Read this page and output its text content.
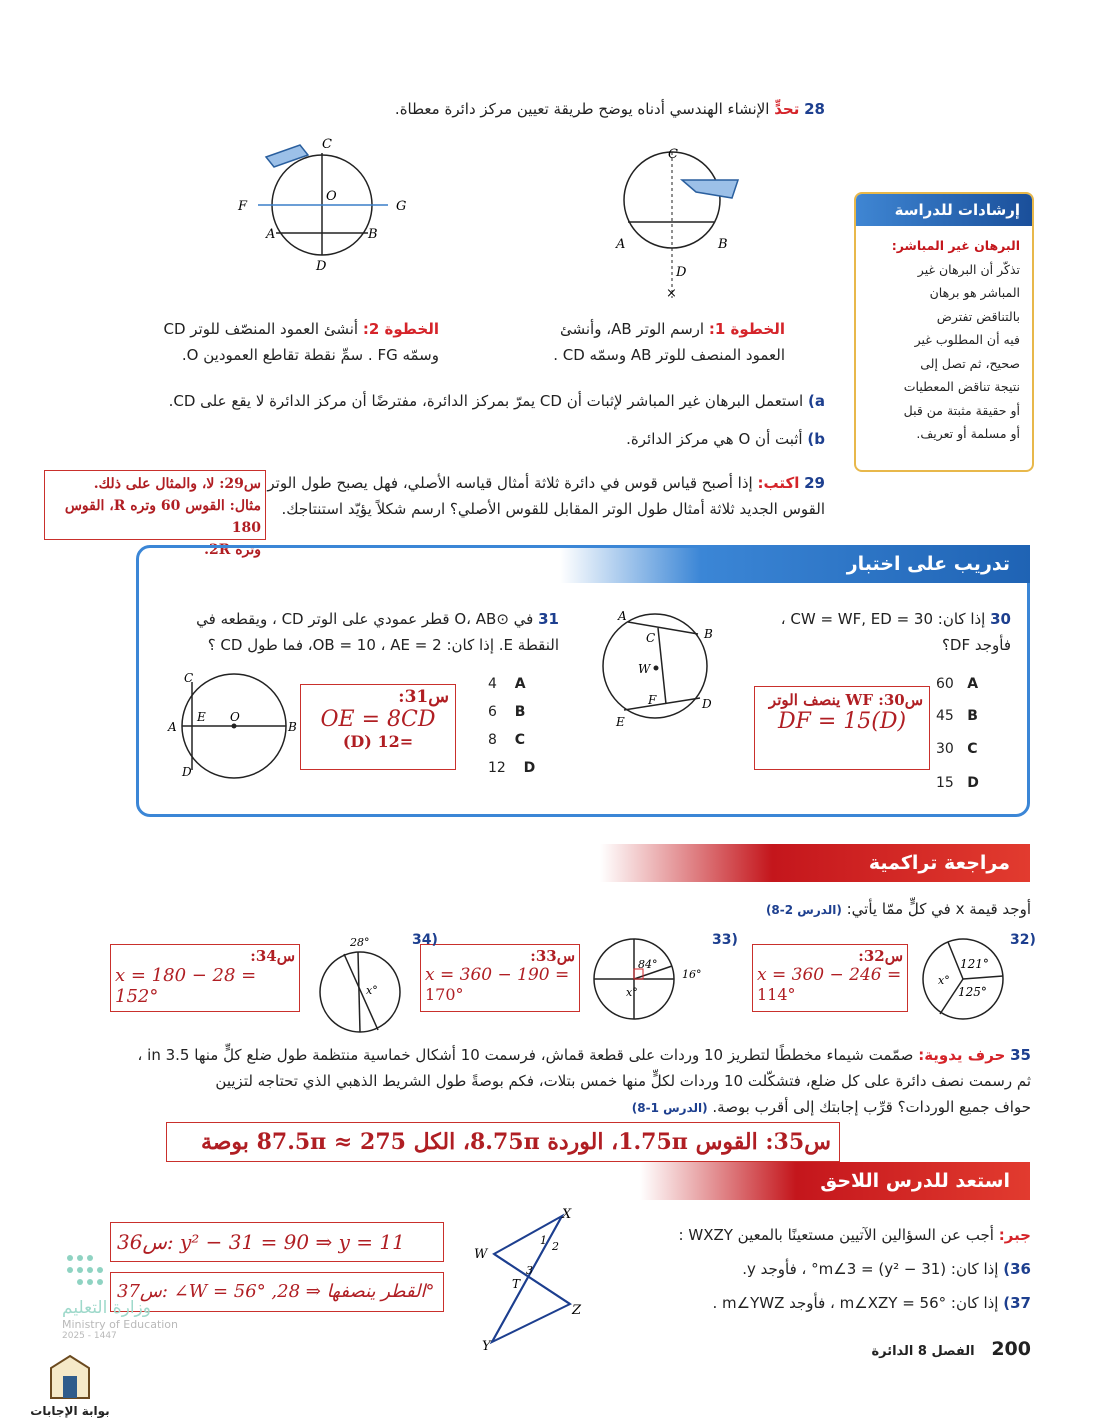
28 تحدٍّ الإنشاء الهندسي أدناه يوضح طريقة تعيين مركز دائرة معطاة.
C
A	B
D
×
C
O
F	G
A	B
D
الخطوة 1: ارسم الوتر AB، وأنشئ
العمود المنصف للوتر AB وسمّه CD .
الخطوة 2: أنشئ العمود المنصّف للوتر CD
وسمّه FG . سمِّ نقطة تقاطع العمودين O.
a) استعمل البرهان غير المباشر لإثبات أن CD يمرّ بمركز الدائرة، مفترضًا أن مركز الدائرة لا يقع على CD.
b) أثبت أن O هي مركز الدائرة.
إرشادات للدراسة
البرهان غير المباشر:
تذكّر أن البرهان غير
المباشر هو برهان
بالتناقض تفترض
فيه أن المطلوب غير
صحيح، ثم تصل إلى
نتيجة تناقض المعطيات
أو حقيقة مثبتة من قبل
أو مسلمة أو تعريف.
29 اكتب: إذا أصبح قياس قوس في دائرة ثلاثة أمثال قياسه الأصلي، فهل يصبح طول الوتر
القوس الجديد ثلاثة أمثال طول الوتر المقابل للقوس الأصلي؟ ارسم شكلاً يؤيّد استنتاجك.
س29: لا، والمثال على ذلك.
مثال: القوس 60 وتره R، القوس 180
وتره 2R.
تدريب على اختبار
30 إذا كان: CW = WF, ED = 30 ،
فأوجد DF؟
60 A
45 B
30 C
15 D
س30: WF ينصف الوتر
DF = 15(D)
A
B
C
W
F
E
D
31 في ⊙O، AB قطر عمودي على الوتر CD ، ويقطعه في
النقطة E. إذا كان: OB = 10 ، AE = 2، فما طول CD ؟
4 A
6 B
8 C
12 D
س31:
OE = 8CD
(D) 12=
C
A
E O
B
D
مراجعة تراكمية
أوجد قيمة x في كلٍّ ممّا يأتي: (الدرس 2-8)
32)
121°
125°
x°
س32:
x = 360 − 246 =
114°
33)
84°
16°
x°
س33:
x = 360 − 190 =
170°
34)
28°
x°
س34:
x = 180 − 28 = 152°
35 حرف يدوية: صمّمت شيماء مخططًا لتطريز 10 وردات على قطعة قماش، فرسمت 10 أشكال خماسية منتظمة طول ضلع كلٍّ منها 3.5 in ،
ثم رسمت نصف دائرة على كل ضلع، فتشكّلت 10 وردات لكلٍّ منها خمس بتلات، فكم بوصةً طول الشريط الذهبي الذي تحتاجه لتزيين
حواف جميع الوردات؟ قرِّب إجابتك إلى أقرب بوصة. (الدرس 1-8)
س35: القوس 1.75π، الوردة 8.75π، الكل 87.5π ≈ 275 بوصة
استعد للدرس اللاحق
جبر: أجب عن السؤالين الآتيين مستعينًا بالمعين WXZY :
36) إذا كان: m∠3 = (y² − 31)° ، فأوجد y.
37) إذا كان: m∠XZY = 56° ، فأوجد m∠YWZ .
X
W
Z
Y
T
1 2
3
س36: y² − 31 = 90 ⇒ y = 11
س37: ∠W = 56° ,القطر ينصفها ⇒ 28°
200   الفصل 8 الدائرة
وزارة التعليم
Ministry of Education
2025 - 1447
بوابة الإجابات
